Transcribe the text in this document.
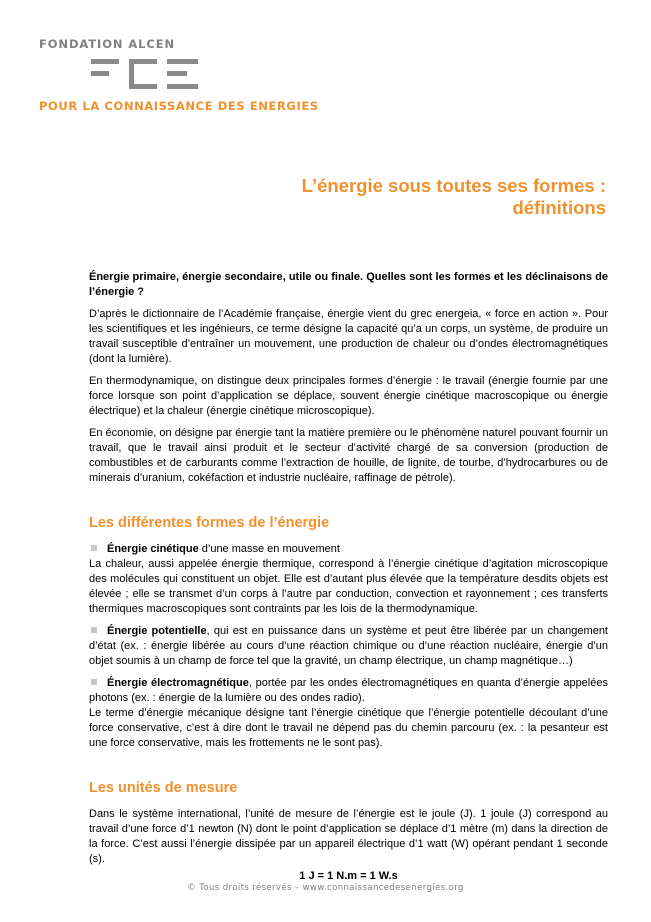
FONDATION ALCEN
POUR LA CONNAISSANCE DES ENERGIES
L’énergie sous toutes ses formes :
définitions

Énergie primaire, énergie secondaire, utile ou finale. Quelles sont les formes et les déclinaisons de l’énergie ?

D’après le dictionnaire de l’Académie française, énergie vient du grec energeia, « force en action ». Pour les scientifiques et les ingénieurs, ce terme désigne la capacité qu’a un corps, un système, de produire un travail susceptible d’entraîner un mouvement, une production de chaleur ou d’ondes électromagnétiques (dont la lumière).

En thermodynamique, on distingue deux principales formes d’énergie : le travail (énergie fournie par une force lorsque son point d’application se déplace, souvent énergie cinétique macroscopique ou énergie électrique) et la chaleur (énergie cinétique microscopique).

En économie, on désigne par énergie tant la matière première ou le phénomène naturel pouvant fournir un travail, que le travail ainsi produit et le secteur d’activité chargé de sa conversion (production de combustibles et de carburants comme l’extraction de houille, de lignite, de tourbe, d’hydrocarbures ou de minerais d’uranium, cokéfaction et industrie nucléaire, raffinage de pétrole).

Les différentes formes de l’énergie
Énergie cinétique d’une masse en mouvement

La chaleur, aussi appelée énergie thermique, correspond à l’énergie cinétique d’agitation microscopique des molécules qui constituent un objet. Elle est d’autant plus élevée que la température desdits objets est élevée ; elle se transmet d’un corps à l’autre par conduction, convection et rayonnement ; ces transferts thermiques macroscopiques sont contraints par les lois de la thermodynamique.

Énergie potentielle, qui est en puissance dans un système et peut être libérée par un changement d’état (ex. : énergie libérée au cours d’une réaction chimique ou d’une réaction nucléaire, énergie d’un objet soumis à un champ de force tel que la gravité, un champ électrique, un champ magnétique…)

Énergie électromagnétique, portée par les ondes électromagnétiques en quanta d’énergie appelées photons (ex. : énergie de la lumière ou des ondes radio).

Le terme d’énergie mécanique désigne tant l’énergie cinétique que l’énergie potentielle découlant d’une force conservative, c’est à dire dont le travail ne dépend pas du chemin parcouru (ex. : la pesanteur est une force conservative, mais les frottements ne le sont pas).

Les unités de mesure

Dans le système international, l’unité de mesure de l’énergie est le joule (J). 1 joule (J) correspond au travail d’une force d’1 newton (N) dont le point d’application se déplace d’1 mètre (m) dans la direction de la force. C’est aussi l’énergie dissipée par un appareil électrique d’1 watt (W) opérant pendant 1 seconde (s).

1 J = 1 N.m = 1 W.s
© Tous droits réservés – www.connaissancedesenergies.org
